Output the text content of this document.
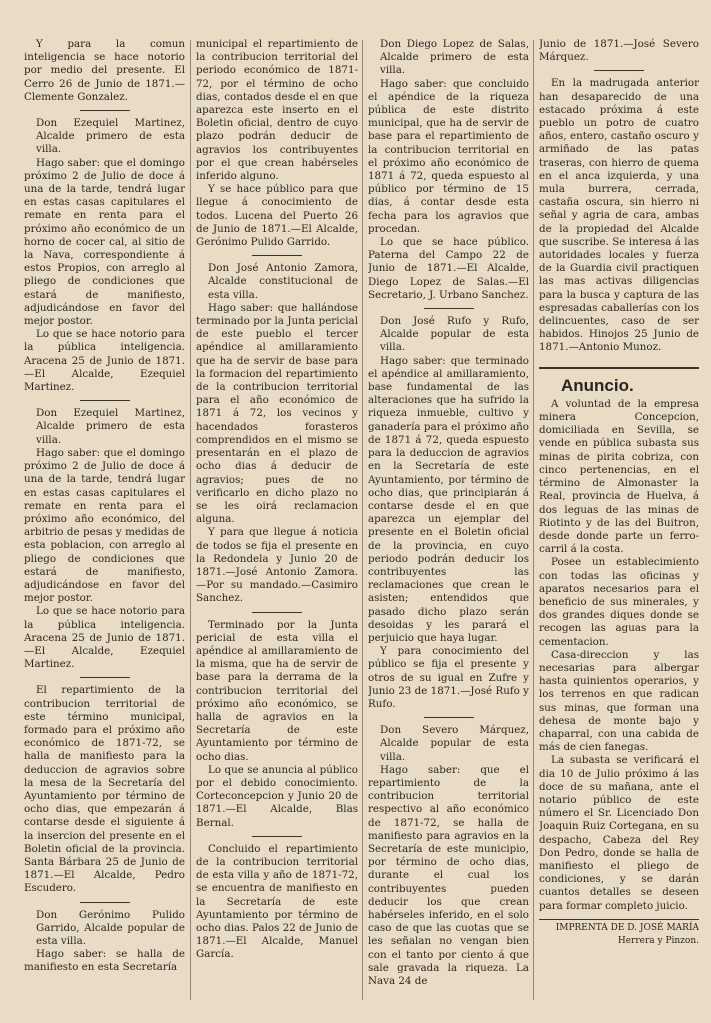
Y para la comun inteligencia se hace notorio por medio del presente. El Cerro 26 de Junio de 1871.—Clemente Gonzalez.

Don Ezequiel Martinez, Alcalde primero de esta villa.

Hago saber: que el domingo próximo 2 de Julio de doce á una de la tarde, tendrá lugar en estas casas capitulares el remate en renta para el próximo año económico de un horno de cocer cal, al sitio de la Nava, correspondiente á estos Propios, con arreglo al pliego de condiciones que estará de manifiesto, adjudicándose en favor del mejor postor.

Lo que se hace notorio para la pública inteligencia. Aracena 25 de Junio de 1871. —El Alcalde, Ezequiel Martinez.

Don Ezequiel Martinez, Alcalde primero de esta villa.

Hago saber: que el domingo próximo 2 de Julio de doce á una de la tarde, tendrá lugar en estas casas capitulares el remate en renta para el próximo año económico, del arbitrio de pesas y medidas de esta poblacion, con arreglo al pliego de condiciones que estará de manifiesto, adjudicándose en favor del mejor postor.

Lo que se hace notorio para la pública inteligencia. Aracena 25 de Junio de 1871. —El Alcalde, Ezequiel Martinez.

El repartimiento de la contribucion territorial de este término municipal, formado para el próximo año económico de 1871-72, se halla de manifiesto para la deduccion de agravios sobre la mesa de la Secretaría del Ayuntamiento por término de ocho dias, que empezarán á contarse desde el siguiente á la insercion del presente en el Boletin oficial de la provincia. Santa Bárbara 25 de Junio de 1871.—El Alcalde, Pedro Escudero.

Don Gerónimo Pulido Garrido, Alcalde popular de esta villa.

Hago saber: se halla de manifiesto en esta Secretaría

municipal el repartimiento de la contribucion territorial del periodo económico de 1871-72, por el término de ocho dias, contados desde el en que aparezca este inserto en el Boletin oficial, dentro de cuyo plazo podrán deducir de agravios los contribuyentes por el que crean habérseles inferido alguno.

Y se hace público para que llegue á conocimiento de todos. Lucena del Puerto 26 de Junio de 1871.—El Alcalde, Gerónimo Pulido Garrido.

Don José Antonio Zamora, Alcalde constitucional de esta villa.

Hago saber: que hallándose terminado por la Junta pericial de este pueblo el tercer apéndice al amillaramiento que ha de servir de base para la formacion del repartimiento de la contribucion territorial para el año económico de 1871 á 72, los vecinos y hacendados forasteros comprendidos en el mismo se presentarán en el plazo de ocho dias á deducir de agravios; pues de no verificarlo en dicho plazo no se les oirá reclamacion alguna.

Y para que llegue á noticia de todos se fija el presente en la Redondela y Junio 20 de 1871.—José Antonio Zamora.—Por su mandado.—Casimiro Sanchez.

Terminado por la Junta pericial de esta villa el apéndice al amillaramiento de la misma, que ha de servir de base para la derrama de la contribucion territorial del próximo año económico, se halla de agravios en la Secretaría de este Ayuntamiento por término de ocho dias.

Lo que se anuncia al público por el debido conocimiento. Corteconcepcion y Junio 20 de 1871.—El Alcalde, Blas Bernal.

Concluido el repartimiento de la contribucion territorial de esta villa y año de 1871-72, se encuentra de manifiesto en la Secretaría de este Ayuntamiento por término de ocho dias. Palos 22 de Junio de 1871.—El Alcalde, Manuel García.

Don Diego Lopez de Salas, Alcalde primero de esta villa.

Hago saber: que concluido el apéndice de la riqueza pública de este distrito municipal, que ha de servir de base para el repartimiento de la contribucion territorial en el próximo año económico de 1871 á 72, queda espuesto al público por término de 15 dias, á contar desde esta fecha para los agravios que procedan.

Lo que se hace público. Paterna del Campo 22 de Junio de 1871.—El Alcalde, Diego Lopez de Salas.—El Secretario, J. Urbano Sanchez.

Don José Rufo y Rufo, Alcalde popular de esta villa.

Hago saber: que terminado el apéndice al amillaramiento, base fundamental de las alteraciones que ha sufrido la riqueza inmueble, cultivo y ganadería para el próximo año de 1871 á 72, queda espuesto para la deduccion de agravios en la Secretaría de este Ayuntamiento, por término de ocho dias, que principiarán á contarse desde el en que aparezca un ejemplar del presente en el Boletin oficial de la provincia, en cuyo periodo podrán deducir los contribuyentes las reclamaciones que crean le asisten; entendidos que pasado dicho plazo serán desoidas y les parará el perjuicio que haya lugar.

Y para conocimiento del público se fija el presente y otros de su igual en Zufre y Junio 23 de 1871.—José Rufo y Rufo.

Don Severo Márquez, Alcalde popular de esta villa.

Hago saber: que el repartimiento de la contribucion territorial respectivo al año económico de 1871-72, se halla de manifiesto para agravios en la Secretaría de este municipio, por término de ocho dias, durante el cual los contribuyentes pueden deducir los que crean habérseles inferido, en el solo caso de que las cuotas que se les señalan no vengan bien con el tanto por ciento á que sale gravada la riqueza. La Nava 24 de

Junio de 1871.—José Severo Márquez.

En la madrugada anterior han desaparecido de una estacado próxima á este pueblo un potro de cuatro años, entero, castaño oscuro y armiñado de las patas traseras, con hierro de quema en el anca izquierda, y una mula burrera, cerrada, castaña oscura, sin hierro ni señal y agria de cara, ambas de la propiedad del Alcalde que suscribe. Se interesa á las autoridades locales y fuerza de la Guardia civil practiquen las mas activas diligencias para la busca y captura de las espresadas caballerías con los delincuentes, caso de ser habidos. Hinojos 25 Junio de 1871.—Antonio Munoz.

Anuncio.

A voluntad de la empresa minera Concepcion, domiciliada en Sevilla, se vende en pública subasta sus minas de pirita cobriza, con cinco pertenencias, en el término de Almonaster la Real, provincia de Huelva, á dos leguas de las minas de Riotinto y de las del Buitron, desde donde parte un ferro-carril á la costa.

Posee un establecimiento con todas las oficinas y aparatos necesarios para el beneficio de sus minerales, y dos grandes diques donde se recogen las aguas para la cementacion.

Casa-direccion y las necesarias para albergar hasta quinientos operarios, y los terrenos en que radican sus minas, que forman una dehesa de monte bajo y chaparral, con una cabida de más de cien fanegas.

La subasta se verificará el dia 10 de Julio próximo á las doce de su mañana, ante el notario público de este número el Sr. Licenciado Don Joaquin Ruiz Cortegana, en su despacho, Cabeza del Rey Don Pedro, donde se halla de manifiesto el pliego de condiciones, y se darán cuantos detalles se deseen para formar completo juicio.

IMPRENTA DE D. JOSÉ MARÍA Herrera y Pinzon.
